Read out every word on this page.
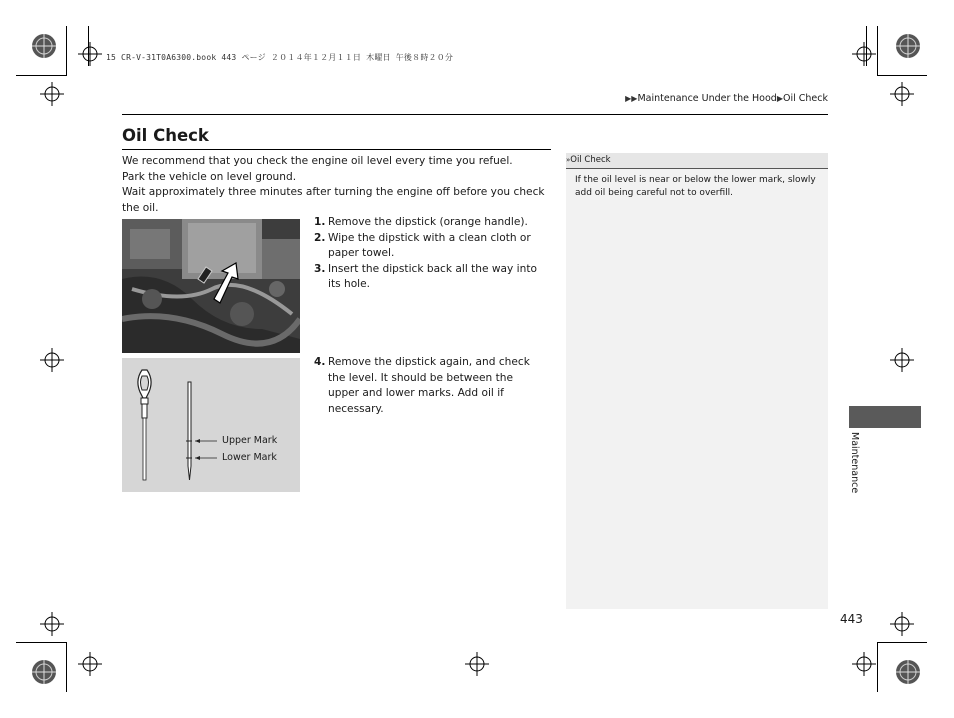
15 CR-V-31T0A6300.book 443 ページ ２０１４年１２月１１日 木曜日 午後８時２０分
▶▶Maintenance Under the Hood▶Oil Check
Oil Check

We recommend that you check the engine oil level every time you refuel.

Park the vehicle on level ground.

Wait approximately three minutes after turning the engine off before you check the oil.

1. Remove the dipstick (orange handle).
2. Wipe the dipstick with a clean cloth or paper towel.
3. Insert the dipstick back all the way into its hole.
Upper Mark
Lower Mark
4. Remove the dipstick again, and check the level. It should be between the upper and lower marks. Add oil if necessary.
»Oil Check
If the oil level is near or below the lower mark, slowly add oil being careful not to overfill.
Maintenance
443
